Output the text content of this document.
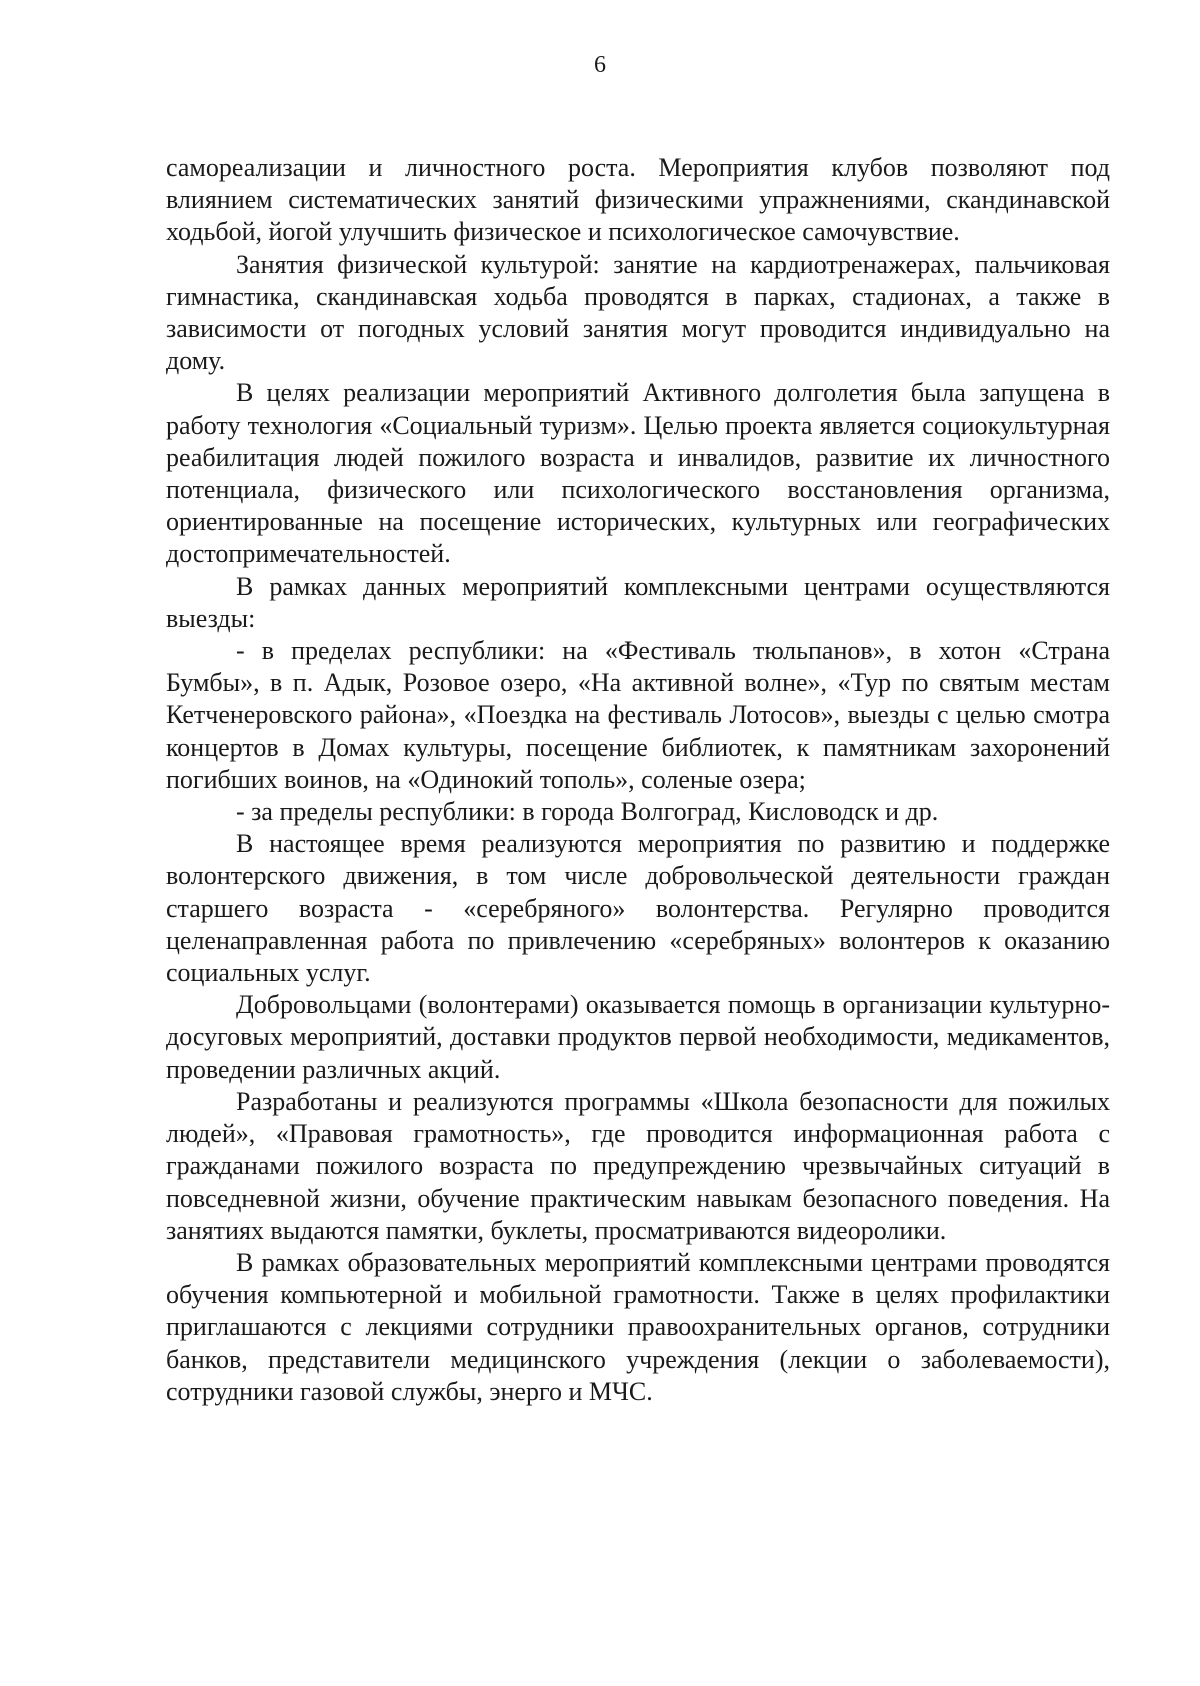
6

самореализации и личностного роста. Мероприятия клубов позволяют под влиянием систематических занятий физическими упражнениями, скандинавской ходьбой, йогой улучшить физическое и психологическое самочувствие.

Занятия физической культурой: занятие на кардиотренажерах, пальчиковая гимнастика, скандинавская ходьба проводятся в парках, стадионах, а также в зависимости от погодных условий занятия могут проводится индивидуально на дому.

В целях реализации мероприятий Активного долголетия была запущена в работу технология «Социальный туризм». Целью проекта является социокультурная реабилитация людей пожилого возраста и инвалидов, развитие их личностного потенциала, физического или психологического восстановления организма, ориентированные на посещение исторических, культурных или географических достопримечательностей.

В рамках данных мероприятий комплексными центрами осуществляются выезды:

- в пределах республики: на «Фестиваль тюльпанов», в хотон «Страна Бумбы», в п. Адык, Розовое озеро, «На активной волне», «Тур по святым местам Кетченеровского района», «Поездка на фестиваль Лотосов», выезды с целью смотра концертов в Домах культуры, посещение библиотек, к памятникам захоронений погибших воинов, на «Одинокий тополь», соленые озера;

- за пределы республики: в города Волгоград, Кисловодск и др.

В настоящее время реализуются мероприятия по развитию и поддержке волонтерского движения, в том числе добровольческой деятельности граждан старшего возраста - «серебряного» волонтерства. Регулярно проводится целенаправленная работа по привлечению «серебряных» волонтеров к оказанию социальных услуг.

Добровольцами (волонтерами) оказывается помощь в организации культурно-досуговых мероприятий, доставки продуктов первой необходимости, медикаментов, проведении различных акций.

Разработаны и реализуются программы «Школа безопасности для пожилых людей», «Правовая грамотность», где проводится информационная работа с гражданами пожилого возраста по предупреждению чрезвычайных ситуаций в повседневной жизни, обучение практическим навыкам безопасного поведения. На занятиях выдаются памятки, буклеты, просматриваются видеоролики.

В рамках образовательных мероприятий комплексными центрами проводятся обучения компьютерной и мобильной грамотности. Также в целях профилактики приглашаются с лекциями сотрудники правоохранительных органов, сотрудники банков, представители медицинского учреждения (лекции о заболеваемости), сотрудники газовой службы, энерго и МЧС.
